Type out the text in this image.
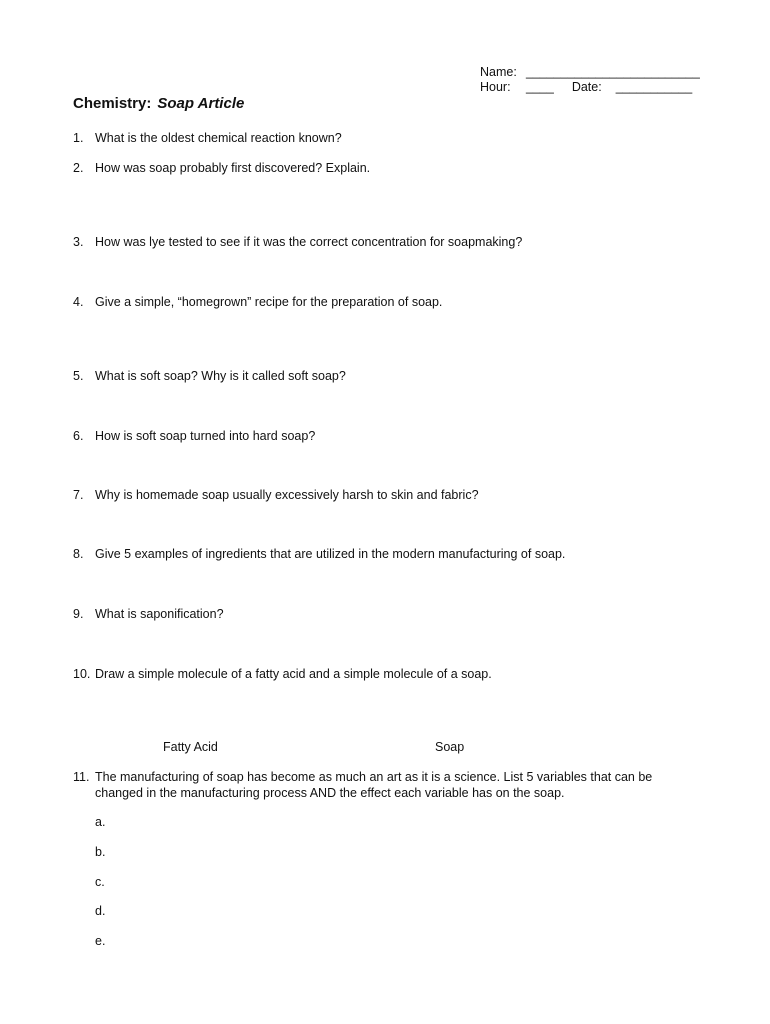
Name: _________________________
Hour: ____ Date: ___________
Chemistry: Soap Article
1. What is the oldest chemical reaction known?
2. How was soap probably first discovered? Explain.
3. How was lye tested to see if it was the correct concentration for soapmaking?
4. Give a simple, “homegrown” recipe for the preparation of soap.
5. What is soft soap? Why is it called soft soap?
6. How is soft soap turned into hard soap?
7. Why is homemade soap usually excessively harsh to skin and fabric?
8. Give 5 examples of ingredients that are utilized in the modern manufacturing of soap.
9. What is saponification?
10. Draw a simple molecule of a fatty acid and a simple molecule of a soap.
Fatty Acid	Soap
11. The manufacturing of soap has become as much an art as it is a science. List 5 variables that can be changed in the manufacturing process AND the effect each variable has on the soap.
a.
b.
c.
d.
e.
